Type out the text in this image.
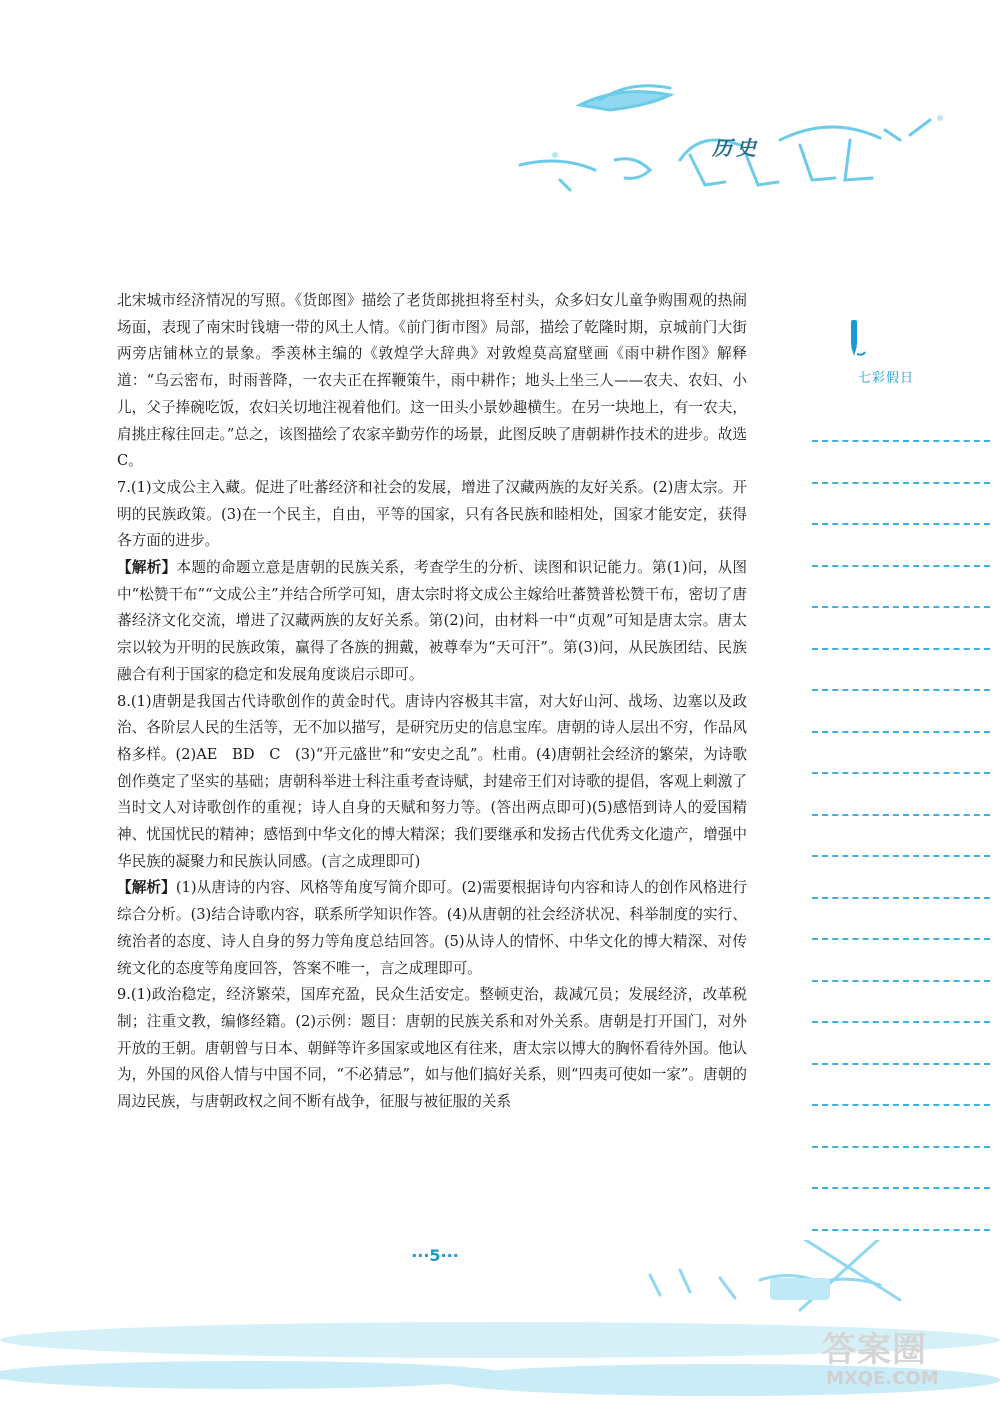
历史
七彩假日

北宋城市经济情况的写照。《货郎图》描绘了老货郎挑担将至村头，众多妇女儿童争购围观的热闹场面，表现了南宋时钱塘一带的风土人情。《前门街市图》局部，描绘了乾隆时期，京城前门大街两旁店铺林立的景象。季羡林主编的《敦煌学大辞典》对敦煌莫高窟壁画《雨中耕作图》解释道：“乌云密布，时雨普降，一农夫正在挥鞭策牛，雨中耕作；地头上坐三人——农夫、农妇、小儿，父子捧碗吃饭，农妇关切地注视着他们。这一田头小景妙趣横生。在另一块地上，有一农夫，肩挑庄稼往回走。”总之，该图描绘了农家辛勤劳作的场景，此图反映了唐朝耕作技术的进步。故选C。

7.(1)文成公主入藏。促进了吐蕃经济和社会的发展，增进了汉藏两族的友好关系。(2)唐太宗。开明的民族政策。(3)在一个民主，自由，平等的国家，只有各民族和睦相处，国家才能安定，获得各方面的进步。

【解析】本题的命题立意是唐朝的民族关系，考查学生的分析、读图和识记能力。第(1)问，从图中“松赞干布”“文成公主”并结合所学可知，唐太宗时将文成公主嫁给吐蕃赞普松赞干布，密切了唐蕃经济文化交流，增进了汉藏两族的友好关系。第(2)问，由材料一中“贞观”可知是唐太宗。唐太宗以较为开明的民族政策，赢得了各族的拥戴，被尊奉为“天可汗”。第(3)问，从民族团结、民族融合有利于国家的稳定和发展角度谈启示即可。

8.(1)唐朝是我国古代诗歌创作的黄金时代。唐诗内容极其丰富，对大好山河、战场、边塞以及政治、各阶层人民的生活等，无不加以描写，是研究历史的信息宝库。唐朝的诗人层出不穷，作品风格多样。(2)AE　BD　C　(3)“开元盛世”和“安史之乱”。杜甫。(4)唐朝社会经济的繁荣，为诗歌创作奠定了坚实的基础；唐朝科举进士科注重考查诗赋，封建帝王们对诗歌的提倡，客观上刺激了当时文人对诗歌创作的重视；诗人自身的天赋和努力等。(答出两点即可)(5)感悟到诗人的爱国精神、忧国忧民的精神；感悟到中华文化的博大精深；我们要继承和发扬古代优秀文化遗产，增强中华民族的凝聚力和民族认同感。(言之成理即可)

【解析】(1)从唐诗的内容、风格等角度写简介即可。(2)需要根据诗句内容和诗人的创作风格进行综合分析。(3)结合诗歌内容，联系所学知识作答。(4)从唐朝的社会经济状况、科举制度的实行、统治者的态度、诗人自身的努力等角度总结回答。(5)从诗人的情怀、中华文化的博大精深、对传统文化的态度等角度回答，答案不唯一，言之成理即可。

9.(1)政治稳定，经济繁荣，国库充盈，民众生活安定。整顿吏治，裁减冗员；发展经济，改革税制；注重文教，编修经籍。(2)示例：题目：唐朝的民族关系和对外关系。唐朝是打开国门，对外开放的王朝。唐朝曾与日本、朝鲜等许多国家或地区有往来，唐太宗以博大的胸怀看待外国。他认为，外国的风俗人情与中国不同，“不必猜忌”，如与他们搞好关系，则“四夷可使如一家”。唐朝的周边民族，与唐朝政权之间不断有战争，征服与被征服的关系

···5···
答案圈
MXQE.COM
